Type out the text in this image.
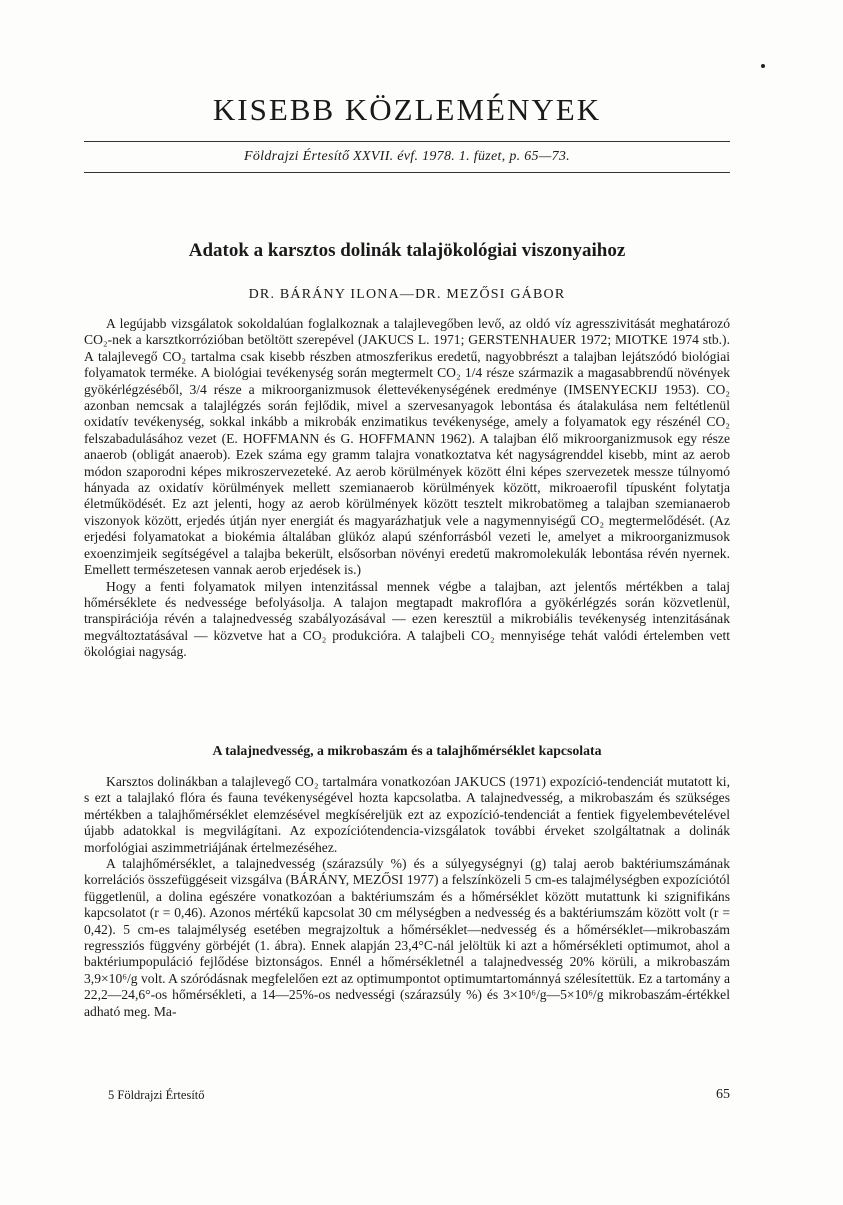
KISEBB KÖZLEMÉNYEK
Földrajzi Értesítő XXVII. évf. 1978. 1. füzet, p. 65—73.
Adatok a karsztos dolinák talajökológiai viszonyaihoz
DR. BÁRÁNY ILONA—DR. MEZŐSI GÁBOR

A legújabb vizsgálatok sokoldalúan foglalkoznak a talajlevegőben levő, az oldó víz agresszivitását meghatározó CO₂-nek a karsztkorrózióban betöltött szerepével (JAKUCS L. 1971; GERSTENHAUER 1972; MIOTKE 1974 stb.). A talajlevegő CO₂ tartalma csak kisebb részben atmoszferikus eredetű, nagyobbrészt a talajban lejátszódó biológiai folyamatok terméke. A biológiai tevékenység során megtermelt CO₂ 1/4 része származik a magasabbrendű növények gyökérlégzéséből, 3/4 része a mikroorganizmusok élettevékenységének eredménye (IMSENYECKIJ 1953). CO₂ azonban nemcsak a talajlégzés során fejlődik, mivel a szervesanyagok lebontása és átalakulása nem feltétlenül oxidatív tevékenység, sokkal inkább a mikrobák enzimatikus tevékenysége, amely a folyamatok egy részénél CO₂ felszabadulásához vezet (E. HOFFMANN és G. HOFFMANN 1962). A talajban élő mikroorganizmusok egy része anaerob (obligát anaerob). Ezek száma egy gramm talajra vonatkoztatva két nagyságrenddel kisebb, mint az aerob módon szaporodni képes mikroszervezeteké. Az aerob körülmények között élni képes szervezetek messze túlnyomó hányada az oxidatív körülmények mellett szemianaerob körülmények között, mikroaerofil típusként folytatja életműködését. Ez azt jelenti, hogy az aerob körülmények között tesztelt mikrobatömeg a talajban szemianaerob viszonyok között, erjedés útján nyer energiát és magyarázhatjuk vele a nagymennyiségű CO₂ megtermelődését. (Az erjedési folyamatokat a biokémia általában glükóz alapú szénforrásból vezeti le, amelyet a mikroorganizmusok exoenzimjeik segítségével a talajba bekerült, elsősorban növényi eredetű makromolekulák lebontása révén nyernek. Emellett természetesen vannak aerob erjedések is.)

Hogy a fenti folyamatok milyen intenzitással mennek végbe a talajban, azt jelentős mértékben a talaj hőmérséklete és nedvessége befolyásolja. A talajon megtapadt makroflóra a gyökérlégzés során közvetlenül, transpirációja révén a talajnedvesség szabályozásával — ezen keresztül a mikrobiális tevékenység intenzitásának megváltoztatásával — közvetve hat a CO₂ produkcióra. A talajbeli CO₂ mennyisége tehát valódi értelemben vett ökológiai nagyság.

A talajnedvesség, a mikrobaszám és a talajhőmérséklet kapcsolata

Karsztos dolinákban a talajlevegő CO₂ tartalmára vonatkozóan JAKUCS (1971) expozíció-tendenciát mutatott ki, s ezt a talajlakó flóra és fauna tevékenységével hozta kapcsolatba. A talajnedvesség, a mikrobaszám és szükséges mértékben a talajhőmérséklet elemzésével megkíséreljük ezt az expozíció-tendenciát a fentiek figyelembevételével újabb adatokkal is megvilágítani. Az expozíciótendencia-vizsgálatok további érveket szolgáltatnak a dolinák morfológiai aszimmetriájának értelmezéséhez.

A talajhőmérséklet, a talajnedvesség (szárazsúly %) és a súlyegységnyi (g) talaj aerob baktériumszámának korrelációs összefüggéseit vizsgálva (BÁRÁNY, MEZŐSI 1977) a felszínközeli 5 cm-es talajmélységben expozíciótól függetlenül, a dolina egészére vonatkozóan a baktériumszám és a hőmérséklet között mutattunk ki szignifikáns kapcsolatot (r = 0,46). Azonos mértékű kapcsolat 30 cm mélységben a nedvesség és a baktériumszám között volt (r = 0,42). 5 cm-es talajmélység esetében megrajzoltuk a hőmérséklet—nedvesség és a hőmérséklet—mikrobaszám regressziós függvény görbéjét (1. ábra). Ennek alapján 23,4°C-nál jelöltük ki azt a hőmérsékleti optimumot, ahol a baktériumpopuláció fejlődése biztonságos. Ennél a hőmérsékletnél a talajnedvesség 20% körüli, a mikrobaszám 3,9×10⁶/g volt. A szóródásnak megfelelően ezt az optimumpontot optimumtartománnyá szélesítettük. Ez a tartomány a 22,2—24,6°-os hőmérsékleti, a 14—25%-os nedvességi (szárazsúly %) és 3×10⁶/g—5×10⁶/g mikrobaszám-értékkel adható meg. Ma-

5 Földrajzi Értesítő	65
